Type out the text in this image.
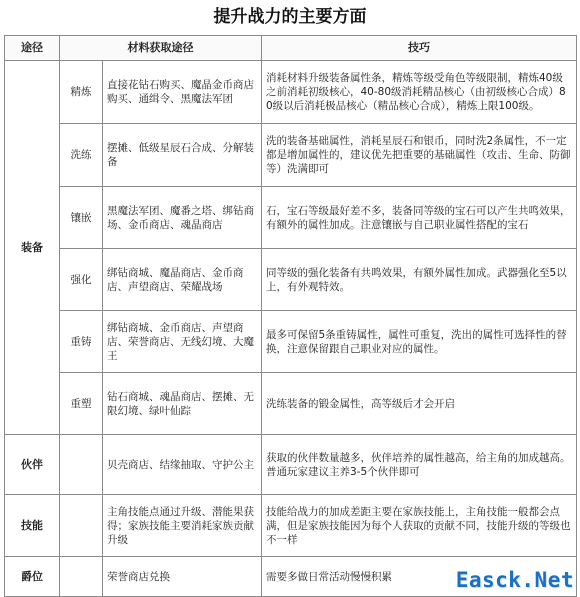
提升战力的主要方面
途径	材料获取途径		技巧
装备	精炼	直接花钻石购买、魔晶金币商店购买、通缉令、黑魔法军团	消耗材料升级装备属性条，精炼等级受角色等级限制，精炼40级之前消耗初级核心，40-80级消耗精品核心（由初级核心合成）80级以后消耗极品核心（精品核心合成），精炼上限100级。
	洗练	摆摊、低级星辰石合成、分解装备	洗的装备基础属性，消耗星辰石和银币，同时洗2条属性，不一定都是增加属性的，建议优先把重要的基础属性（攻击、生命、防御等）洗满即可
	镶嵌	黑魔法军团、魔番之塔、绑钻商场、金币商店、魂晶商店	石，宝石等级最好差不多，装备同等级的宝石可以产生共鸣效果，有额外的属性加成。注意镶嵌与自己职业属性搭配的宝石
	强化	绑钻商城、魔晶商店、金币商店、声望商店、荣耀战场	同等级的强化装备有共鸣效果，有额外属性加成。武器强化至5以上，有外观特效。
	重铸	绑钻商城、金币商店、声望商店、荣誉商店、无线幻境、大魔王	最多可保留5条重铸属性，属性可重复，洗出的属性可选择性的替换，注意保留跟自己职业对应的属性。
	重塑	钻石商城、魂晶商店、摆摊、无限幻境、绿叶仙踪	洗练装备的锻金属性，高等级后才会开启
伙伴		贝壳商店、结缘抽取、守护公主	获取的伙伴数量越多，伙伴培养的属性越高，给主角的加成越高。普通玩家建议主养3-5个伙伴即可
技能		主角技能点通过升级、潜能果获得；家族技能主要消耗家族贡献升级	技能给战力的加成差距主要在家族技能上，主角技能一般都会点满，但是家族技能因为每个人获取的贡献不同，技能升级的等级也不一样
爵位		荣誉商店兑换	需要多做日常活动慢慢积累	Easck.Net
